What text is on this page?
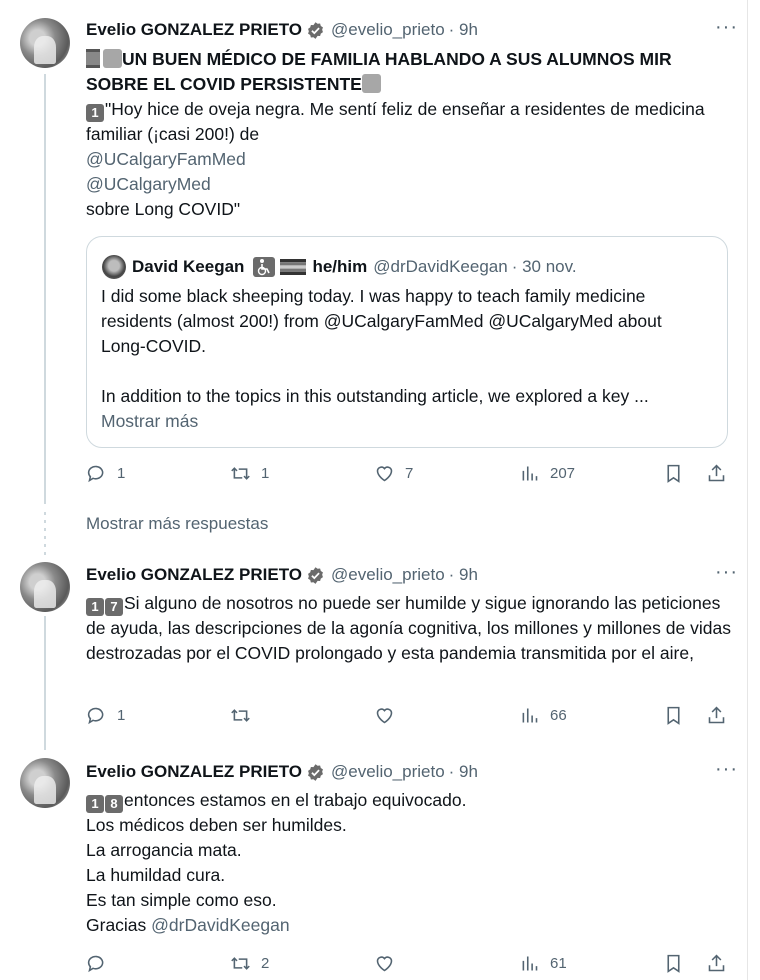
Evelio GONZALEZ PRIETO @evelio_prieto · 9h	···
UN BUEN MÉDICO DE FAMILIA HABLANDO A SUS ALUMNOS MIR SOBRE EL COVID PERSISTENTE
1 "Hoy hice de oveja negra. Me sentí feliz de enseñar a residentes de medicina familiar (¡casi 200!) de
@UCalgaryFamMed
@UCalgaryMed
sobre Long COVID"
David Keegan	he/him @drDavidKeegan · 30 nov.
I did some black sheeping today. I was happy to teach family medicine residents (almost 200!) from @UCalgaryFamMed @UCalgaryMed about Long-COVID.
In addition to the topics in this outstanding article, we explored a key ...
Mostrar más
1	1	7	207
Mostrar más respuestas
Evelio GONZALEZ PRIETO @evelio_prieto · 9h	···
1 7 Si alguno de nosotros no puede ser humilde y sigue ignorando las peticiones de ayuda, las descripciones de la agonía cognitiva, los millones y millones de vidas destrozadas por el COVID prolongado y esta pandemia transmitida por el aire,
1	66
Evelio GONZALEZ PRIETO @evelio_prieto · 9h	···
1 8 entonces estamos en el trabajo equivocado.
Los médicos deben ser humildes.
La arrogancia mata.
La humildad cura.
Es tan simple como eso.
Gracias @drDavidKeegan
2	61
